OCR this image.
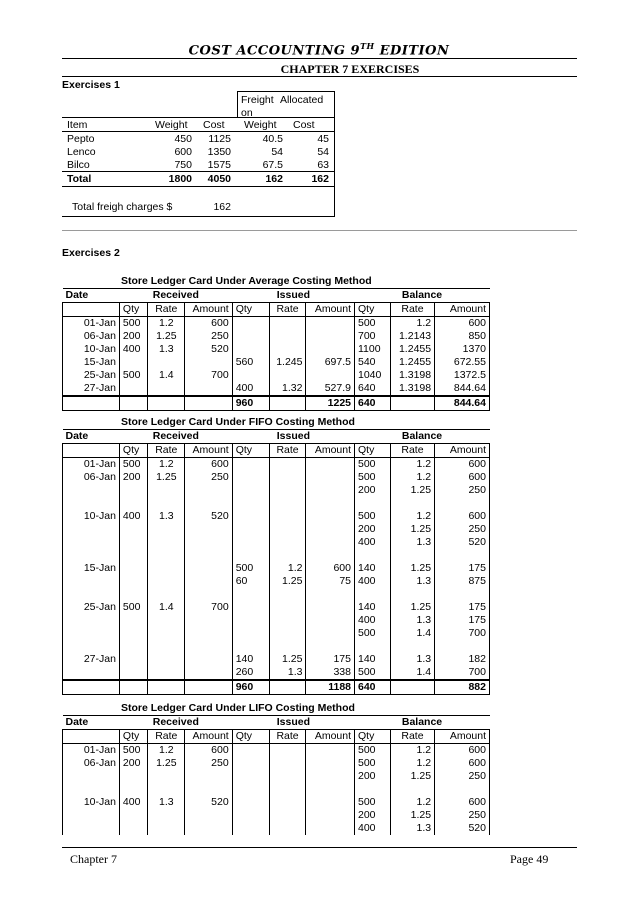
COST ACCOUNTING 9TH EDITION
CHAPTER 7 EXERCISES
Exercises 1
Freight
on
Allocated
Item	Weight Cost Weight Cost
Pepto	450	1125	40.5	45
Lenco	600	1350	54	54
Bilco	750	1575	67.5	63
Total	1800	4050	162	162
Total freigh charges $	162
Exercises 2
Store Ledger Card Under Average Costing Method
Date	Received			Issued			Balance		
	Qty	Rate	Amount	Qty	Rate	Amount	Qty	Rate	Amount
01-Jan	500	1.2	600				500	1.2	600
06-Jan	200	1.25	250				700	1.2143	850
10-Jan	400	1.3	520				1100	1.2455	1370
15-Jan				560	1.245	697.5	540	1.2455	672.55
25-Jan	500	1.4	700				1040	1.3198	1372.5
27-Jan				400	1.32	527.9	640	1.3198	844.64
				960		1225	640		844.64
Store Ledger Card Under FIFO Costing Method
Date	Received			Issued			Balance		
	Qty	Rate	Amount	Qty	Rate	Amount	Qty	Rate	Amount
01-Jan	500	1.2	600				500	1.2	600
06-Jan	200	1.25	250				500	1.2	600
							200	1.25	250

10-Jan	400	1.3	520				500	1.2	600
							200	1.25	250
							400	1.3	520

15-Jan				500	1.2	600	140	1.25	175
				60	1.25	75	400	1.3	875

25-Jan	500	1.4	700				140	1.25	175
							400	1.3	175
							500	1.4	700

27-Jan				140	1.25	175	140	1.3	182
				260	1.3	338	500	1.4	700
				960		1188	640		882
Store Ledger Card Under LIFO Costing Method
Date	Received			Issued			Balance		
	Qty	Rate	Amount	Qty	Rate	Amount	Qty	Rate	Amount
01-Jan	500	1.2	600				500	1.2	600
06-Jan	200	1.25	250				500	1.2	600
							200	1.25	250

10-Jan	400	1.3	520				500	1.2	600
							200	1.25	250
							400	1.3	520
Chapter 7	Page 49
